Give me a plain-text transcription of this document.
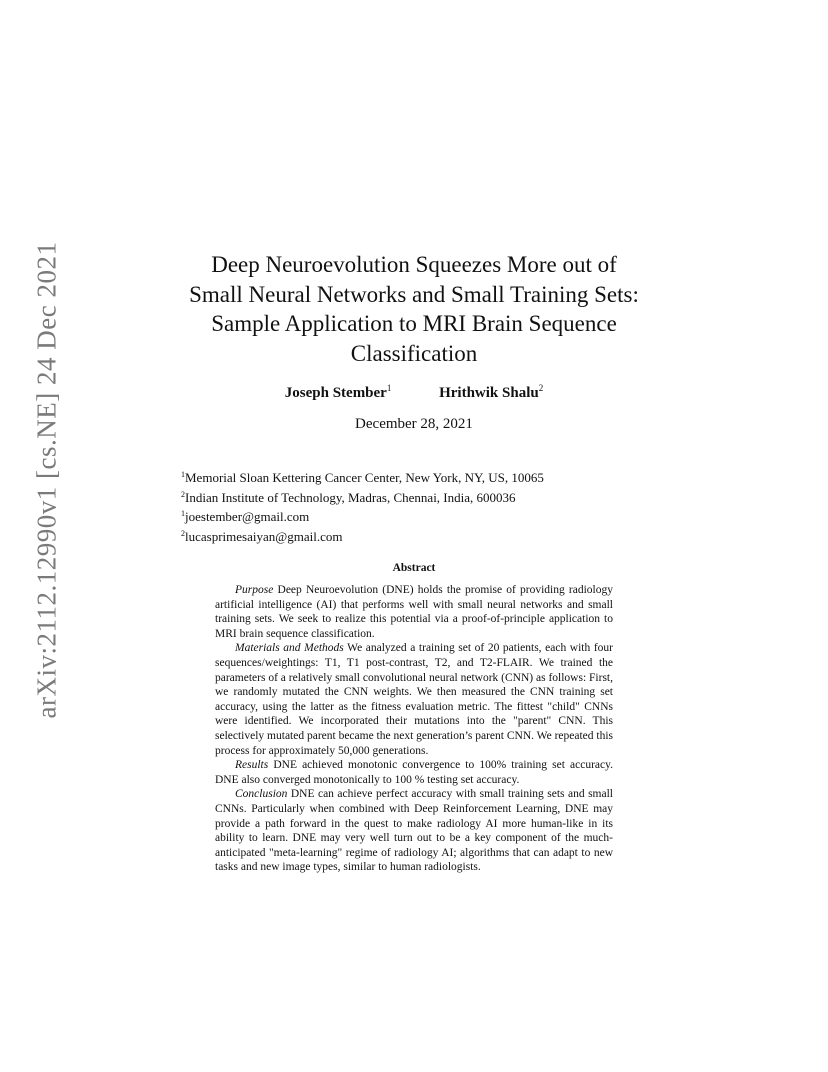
arXiv:2112.12990v1 [cs.NE] 24 Dec 2021	Deep Neuroevolution Squeezes More out of
Small Neural Networks and Small Training Sets:
Sample Application to MRI Brain Sequence
Classification
Joseph Stember$^1$	Hrithwik Shalu$^2$
December 28, 2021
$^1$Memorial Sloan Kettering Cancer Center, New York, NY, US, 10065
$^2$Indian Institute of Technology, Madras, Chennai, India, 600036
$^1$joestember@gmail.com
$^2$lucasprimesaiyan@gmail.com
Abstract

Purpose Deep Neuroevolution (DNE) holds the promise of providing radiology artificial intelligence (AI) that performs well with small neural networks and small training sets. We seek to realize this potential via a proof-of-principle application to MRI brain sequence classification.

Materials and Methods We analyzed a training set of 20 patients, each with four sequences/weightings: T1, T1 post-contrast, T2, and T2-FLAIR. We trained the parameters of a relatively small convolutional neural network (CNN) as follows: First, we randomly mutated the CNN weights. We then measured the CNN training set accuracy, using the latter as the fitness evaluation metric. The fittest "child" CNNs were identified. We incorporated their mutations into the "parent" CNN. This selectively mutated parent became the next generation’s parent CNN. We repeated this process for approximately 50,000 generations.

Results DNE achieved monotonic convergence to 100% training set accuracy. DNE also converged monotonically to 100 % testing set accuracy.

Conclusion DNE can achieve perfect accuracy with small training sets and small CNNs. Particularly when combined with Deep Reinforcement Learning, DNE may provide a path forward in the quest to make radiology AI more human-like in its ability to learn. DNE may very well turn out to be a key component of the much-anticipated "meta-learning" regime of radiology AI; algorithms that can adapt to new tasks and new image types, similar to human radiologists.
